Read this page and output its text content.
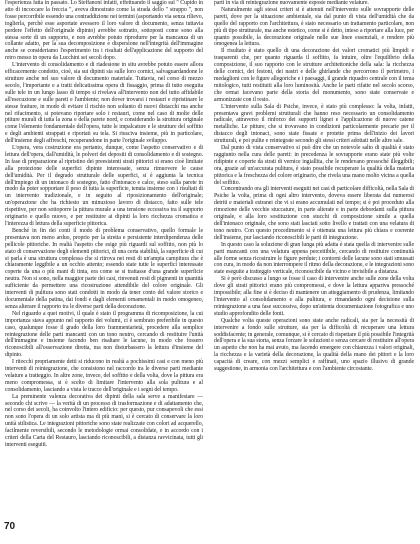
l'esperienza fatta in passato. Lo Steffanoni infatti, effettuando il saggio sul " Cupido in atto di incoccare la freccia ", aveva dimostrato come la strada dello " strappo ", non fosse percorribile essendo una contraddizione nei termini (asportando via senza rilievo, toglierla, perchè esse asportate avessero il loro valore di documento, senza tuttavia perdere l'effetto dell'originale dipinto) avrebbe sottratto, sottoposti come sono alla stessa sorte di un supporto, e non avrebbe potuto riprodurre per la mancanza di un collante adatto, per la sua decomposizione e dispersione nell'integrità dell'immagine anche se consideriamo l'esperimento tra i risultati dell'applicazione del supporto del retro messo in opera da Lucchini sei secoli dopo.

L'intervento di consolidamento e di riadesione in situ avrebbe potuto essere allora efficacemente condotto, cioè, sia sui dipinti sia sulle loro cornici, salvaguardandone le strutture anche nel suo valore di documento materiale. Tuttavia, nel corso di mezzo secolo, l'importante e a tratti delicatissima opera di fissaggio, prima di tutto eseguita sulle tele in un lungo lasso di tempo si rivelava all'intervento non del tutto affidabile all'esecuzione e sulle pareti e l'ambiente; non dover trovarsi i restauri e ripristinare le stesse fratture, in modo di evitare il rischio non soltanto di nuovi distacchi ma anche nel rifacimento, si potevano riportare solo i restauri, come nel caso di molte delle pitture murali di tutta la zona e della parete nord, e considerando la struttura originale come l'elemento fondamentale dell'opera, tutte le impalcature e le strutture del soffitto e degli ambienti strappati e riportati su tela. Si riusciva insieme, più in particolare, dell'insieme degli affreschi, recuperandone in parte l'originale sviluppo.

L'opera, vera costruzione era pertanto, dunque, come l'aspetto conservativo e di lettura dell'opera, dall'umidità, le polveri dei depositi di consolidamento e di sostegno. In fase di preparazione al ripristino dei preesistenti strati pittorici si erano cioè limitate alla protezione delle superfici dipinte interessate, senza rimuovere le cause dell'umidità. Per il degrado strutturale delle superfici, si è aggiunta la tecnica dell'impiego di un intonaco di sostegno, fatto d'intonaco e calce, steso sulla parete in modo da poter sopportare il peso di tutta la superficie, tenuta insieme con i risultati di un intervento tradizionale, e in seguito al riposizionamento dell'originale; un'operazione che ha richiesto un minuzioso lavoro di distacco, fatto sulle tele rispettive, per non sottoporre la pittura murale a una tensione eccessiva tra il supporto originario e quello nuovo, e per restituire ai dipinti la loro ricchezza cromatica e l'interezza di lettura della superficie pittorica.

Benché in fin dei conti il modo di problema conservativo, quello formale le presentava non meno arduo, proprio per la stretta e persistente interdipendenza delle pellicole pittoriche. In realtà l'aspetto che esige più riguardi sul soffitto, non più lo stato di conservazione degli elementi pittorici, di una certa stabilità, la superficie di cui si parla è una struttura complessa che si ritrova nei resti di un'ampia campitura che è chiaramente leggibile a un occhio attento; essendo state tutte le superfici interessate coperte da una o più mani di tinta, era come se si trattasse d'una grande superficie neutra. Non si sono, nella maggior parte dei casi, rinvenuti resti di pigmenti in quantità sufficiente da permettere una ricostruzione attendibile del colore originale. Gli interventi di pulitura sono stati condotti in modo da tener conto del valore storico e documentale della patina, dai fondi e dagli elementi ornamentali in modo omogeneo, senza alterare il rapporto tra le diverse parti della decorazione.

Nel riguardo a quei motivi, il quale è stato il programma di ricomposizione, la cui importanza stava appunto nel rapporto dei volumi, ci è sembrato preferibile in questo caso, qualunque fosse il grado della loro frammentarietà, procedere alla semplice reintegrazione delle parti mancanti con un tono neutro, cercando di restituire l'unità dell'immagine e insieme facendo ben risaltare le lacune, in modo che fossero riconoscibili all'osservazione diretta, ma non disturbassero la lettura d'insieme del dipinto.

I ritocchi propriamente detti si riducono in realtà a pochissimi casi e con meno più interventi di reintegrazione, che consistono nel raccordo tra le diverse parti mediante velature a tratteggio. In altre zone, invece, del soffitto e della volta, dove la pittura era meno compromessa, si è scelto di limitare l'intervento alla sola pulitura e al consolidamento, lasciando a vista le tracce dell'originale e i segni del tempo.

La preminente valenza decorativa dei dipinti della sala serve a manifestare — secondo chi scrive — la verità di un processo di trasformazione e di adattamento che, nel corso dei secoli, ha coinvolto l'intero edificio: per questo, pur consapevoli che essi non sono l'opera di un solo artista ma di più mani, si è cercato di conservare la loro unità stilistica. Le integrazioni pittoriche sono state realizzate con colori ad acquerello, facilmente reversibili, secondo le metodologie ormai consolidate, e in accordo con i criteri della Carta del Restauro, lasciando riconoscibili, a distanza ravvicinata, tutti gli interventi eseguiti.

parti in via di reintegrazione nuovamente esposte mediante velature.

Naturalmente agli stessi criteri si è attenuti nell'intervento sulle sovrapporte delle pareti, dove per la situazione ambientale, sia dal punto di vista dell'umidità che da quello del rapporto con l'architettura, è stato necessario un trattamento particolare, non più di tipo strutturale, ma anche estetico, come si è detto, inteso a riportare alla luce, per quanto possibile, la decorazione originale nelle sue linee essenziali, e rendere più omogenea la lettura.

Il risultato è stato quello di una decorazione dei valori cromatici più limpidi e trasparenti che, per quanto riguarda il soffitto, fa intuire, oltre l'equilibrio della composizione, il suo rapporto con le strutture architettoniche della sala: la ricchezza delle cornici, dei festoni, dei nastri e delle ghirlande che percorrono il perimetro, i medaglioni con le figure allegoriche e i paesaggi, il grande riquadro centrale con il tema mitologico, tutti restituiti alla loro luminosità. Anche le parti rifatte nel secolo scorso, che ormai facevano parte della storia del monumento, sono state conservate e armonizzate con il resto.

L'intervento sulla Sala di Psiche, invece, è stato più complesso: la volta, infatti, presentava gravi problemi strutturali che hanno reso necessario un consolidamento radicale, attraverso il rinforzo dei supporti lignei e l'applicazione di nuove catene metalliche. Le pitture, che si trovavano in condizioni particolarmente precarie per il distacco degli intonaci, sono state fissate e protette prima dell'inizio dei lavori strutturali, e poi pulite e reintegrate secondo gli stessi criteri adottati nelle altre sale.

Dal punto di vista conservativo si può dire che un notevole salto di qualità è stato raggiunto nella cura delle pareti: in precedenza le sovrapporte erano state più volte ridipinte e coperte da strati di vernice ingiallita, che le rendevano pressoché illeggibili; ora, grazie ad un'accurata pulitura, è stato possibile recuperare la qualità della materia pittorica e la freschezza del colore originario, che rivela una mano molto vicina a quella del soffitto.

Concentrando ora gli interventi eseguiti nei casi di particolare difficoltà, nella Sala di Psiche la volta, prima di ogni altro intervento, doveva essere liberata dai numerosi detriti e materiali estranei che vi si erano accumulati nel tempo; si è poi proceduto alla rimozione delle vecchie stuccature, in parte alterate e in parte debordanti sulla pittura originale, e alla loro sostituzione con stucchi di composizione simile a quella dell'intonaco originale, che sono stati lasciati sotto livello e trattati con una velatura di tono neutro. Con questo procedimento si è ottenuta una lettura più chiara e coerente dell'insieme, pur lasciando riconoscibili le parti di integrazione.

In questo caso la soluzione di gran lunga più adatta è stata quella di intervenire sulle parti mancanti con una velatura appena percettibile, cercando di restituire continuità alle forme senza ricostruire le figure perdute; i contorni delle lacune sono stati smussati con cura, in modo da non interrompere il ritmo della decorazione, e le integrazioni sono state eseguite a tratteggio verticale, riconoscibile da vicino e invisibile a distanza.

Si è però discusso a lungo se fosse il caso di intervenire anche sulle zone della volta dove gli strati pittorici erano più compromessi, e dove la lettura appariva pressoché impossibile; alla fine si è deciso di mantenere un atteggiamento di prudenza, limitando l'intervento al consolidamento e alla pulitura, e rimandando ogni decisione sulla reintegrazione a una fase successiva, dopo un'attenta documentazione fotografica e uno studio approfondito delle fonti.

Qualche volta queste operazioni sono state anche radicali, sia per la necessità di intervenire a fondo sulle strutture, sia per la difficoltà di recuperare una lettura soddisfacente; in generale, comunque, si è cercato di rispettare il più possibile l'integrità dell'opera e la sua storia, senza forzare le soluzioni e senza cercare di restituire all'opera un aspetto che non ha mai avuto, ma facendo emergere con chiarezza i valori originali, la ricchezza e la varietà della decorazione, la qualità della mano dei pittori e la loro capacità di creare, con mezzi semplici e raffinati, uno spazio illusivo di grande suggestione, in armonia con l'architettura e con l'ambiente circostante.

70
